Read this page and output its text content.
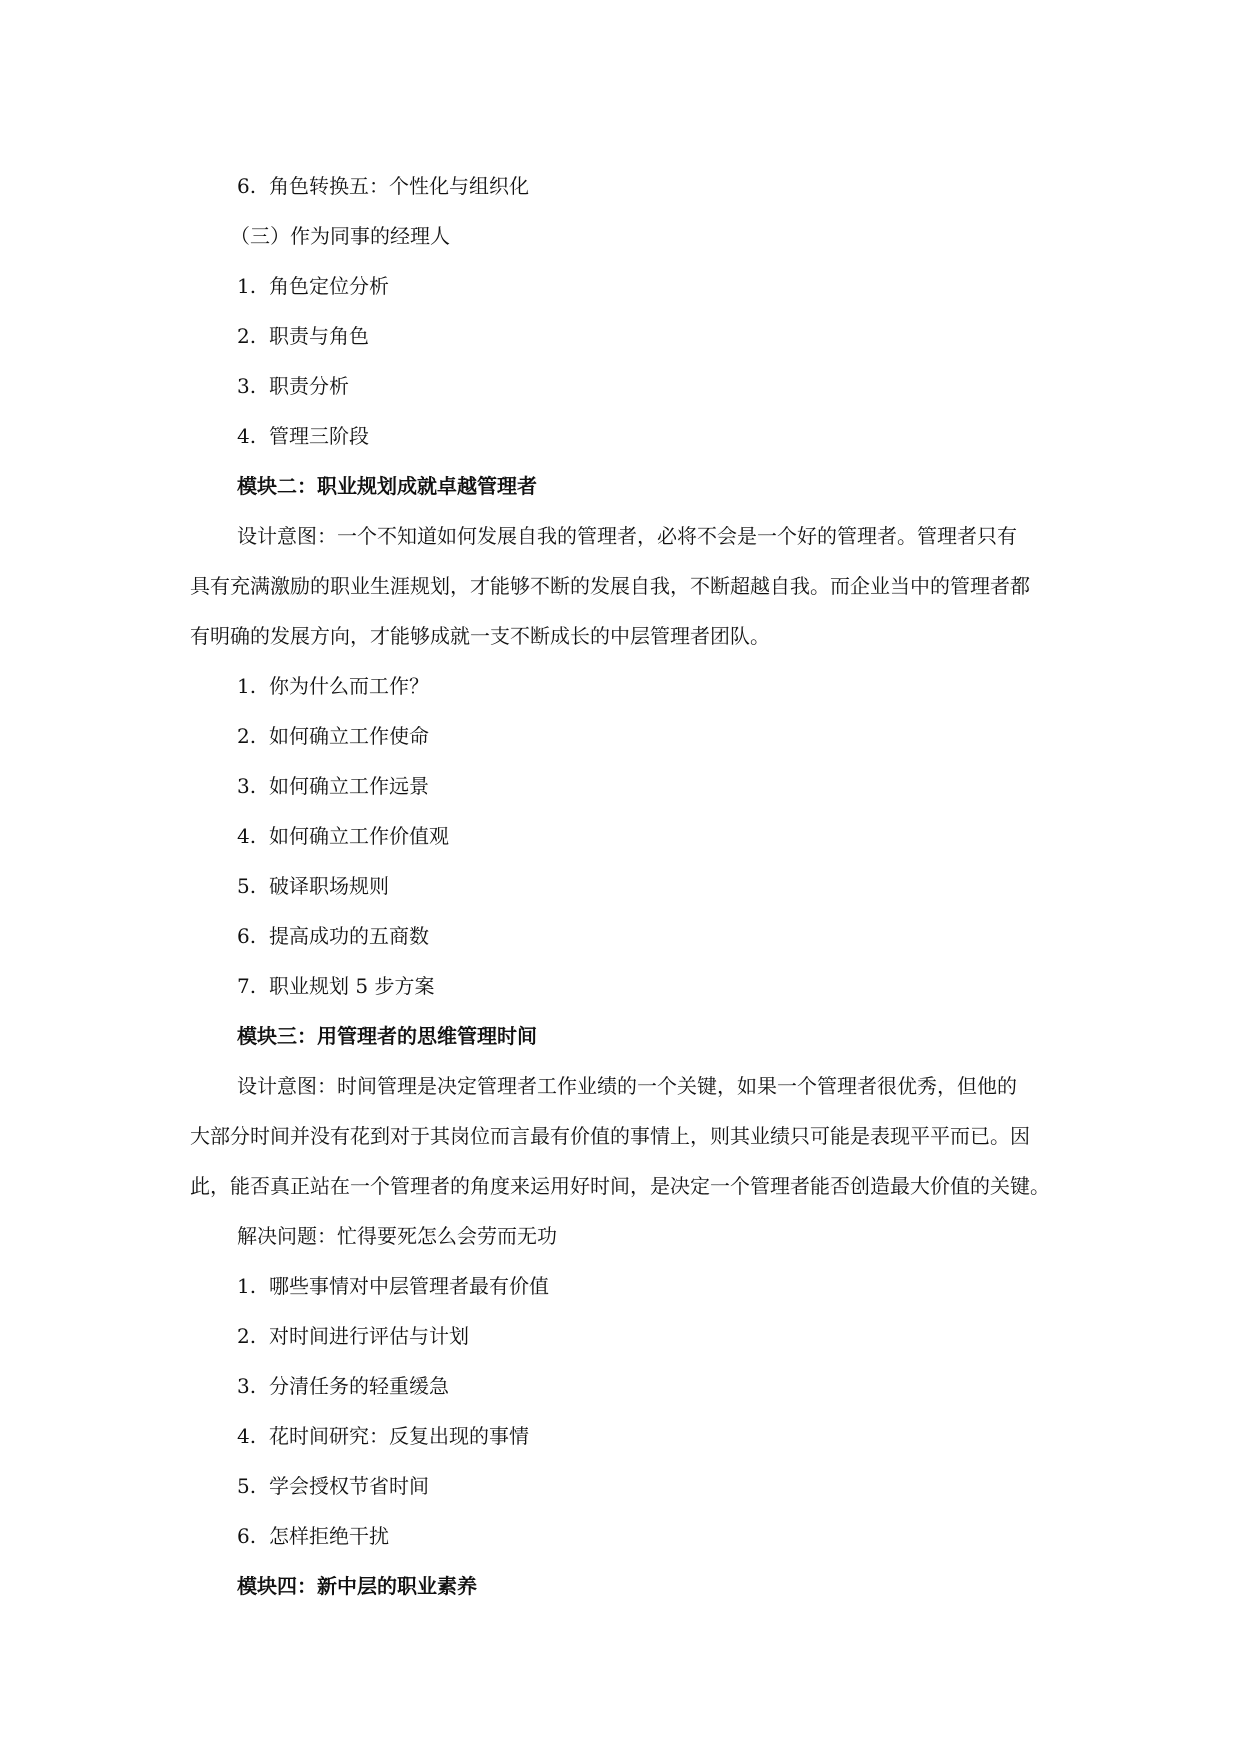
6. 角色转换五：个性化与组织化
（三）作为同事的经理人
1. 角色定位分析
2. 职责与角色
3. 职责分析
4. 管理三阶段
模块二：职业规划成就卓越管理者
设计意图：一个不知道如何发展自我的管理者，必将不会是一个好的管理者。管理者只有
具有充满激励的职业生涯规划，才能够不断的发展自我，不断超越自我。而企业当中的管理者都
有明确的发展方向，才能够成就一支不断成长的中层管理者团队。
1. 你为什么而工作？
2. 如何确立工作使命
3. 如何确立工作远景
4. 如何确立工作价值观
5. 破译职场规则
6. 提高成功的五商数
7. 职业规划 5 步方案
模块三：用管理者的思维管理时间
设计意图：时间管理是决定管理者工作业绩的一个关键，如果一个管理者很优秀，但他的
大部分时间并没有花到对于其岗位而言最有价值的事情上，则其业绩只可能是表现平平而已。因
此，能否真正站在一个管理者的角度来运用好时间，是决定一个管理者能否创造最大价值的关键。
解决问题：忙得要死怎么会劳而无功
1. 哪些事情对中层管理者最有价值
2. 对时间进行评估与计划
3. 分清任务的轻重缓急
4. 花时间研究：反复出现的事情
5. 学会授权节省时间
6. 怎样拒绝干扰
模块四：新中层的职业素养
